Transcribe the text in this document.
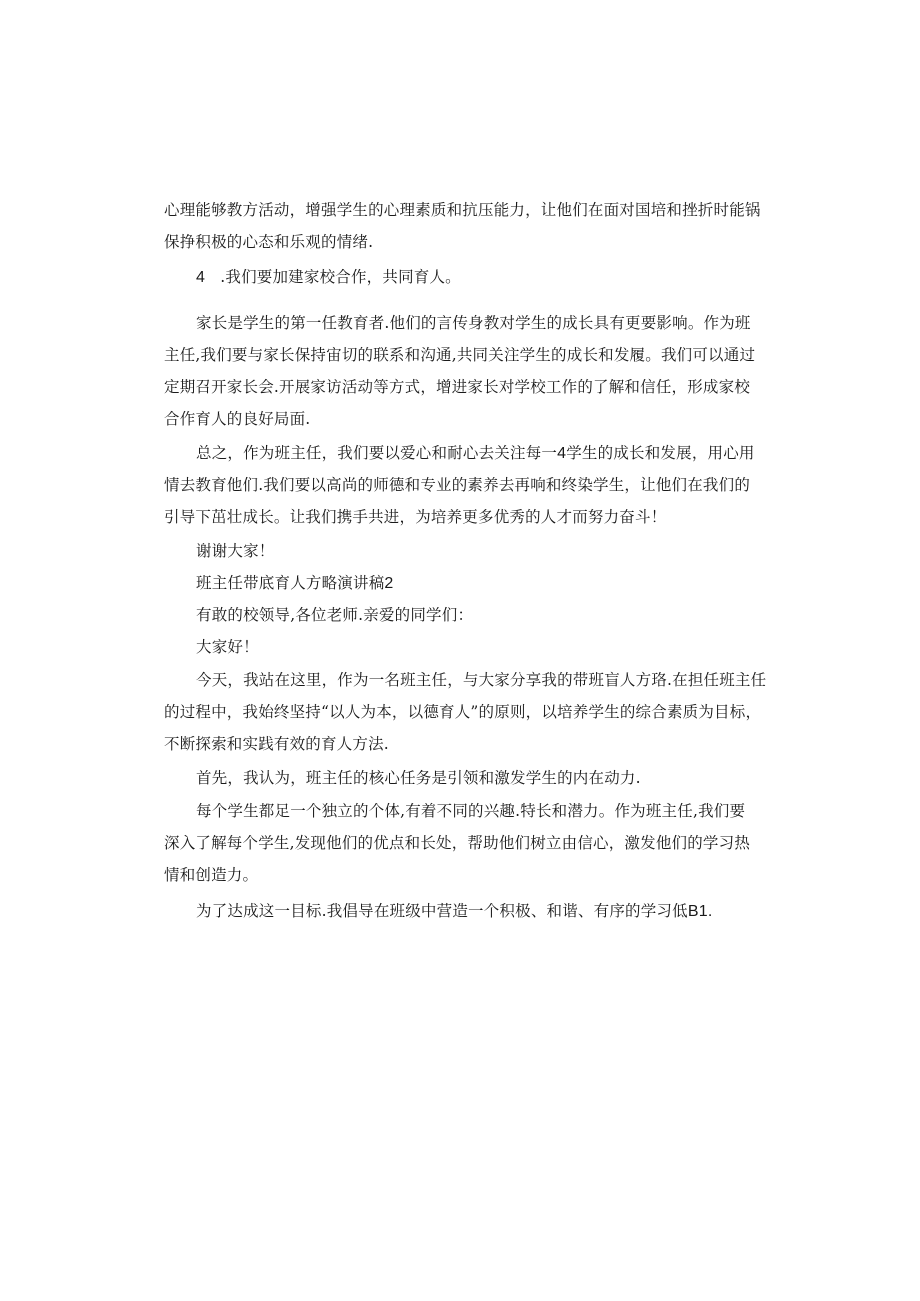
心理能够教方活动，增强学生的心理素质和抗压能力，让他们在面对国培和挫折时能锅
保挣积极的心态和乐观的情绪.
4 .我们要加建家校合作，共同育人。
家长是学生的第一任教育者.他们的言传身教对学生的成长具有更要影响。作为班
主任,我们要与家长保持宙切的联系和沟通,共同关注学生的成长和发履。我们可以通过
定期召开家长会.开展家访活动等方式，增进家长对学校工作的了解和信任，形成家校
合作育人的良好局面.
总之，作为班主任，我们要以爱心和耐心去关注每一4学生的成长和发展，用心用
情去教育他们.我们要以高尚的师德和专业的素养去再响和终染学生，让他们在我们的
引导下茁壮成长。让我们携手共进，为培养更多优秀的人才而努力奋斗！
谢谢大家！
班主任带底育人方略演讲稿2
有敢的校领导,各位老师.亲爱的同学们：
大家好！
今天，我站在这里，作为一名班主任，与大家分享我的带班盲人方珞.在担任班主任
的过程中，我始终坚持“以人为本，以德育人”的原则，以培养学生的综合素质为目标，
不断探索和实践有效的育人方法.
首先，我认为，班主任的核心任务是引领和激发学生的内在动力.
每个学生都足一个独立的个体,有着不同的兴趣.特长和潜力。作为班主任,我们要
深入了解每个学生,发现他们的优点和长处，帮助他们树立由信心，激发他们的学习热
情和创造力。
为了达成这一目标.我倡导在班级中营造一个积极、和谐、有序的学习低B1.
